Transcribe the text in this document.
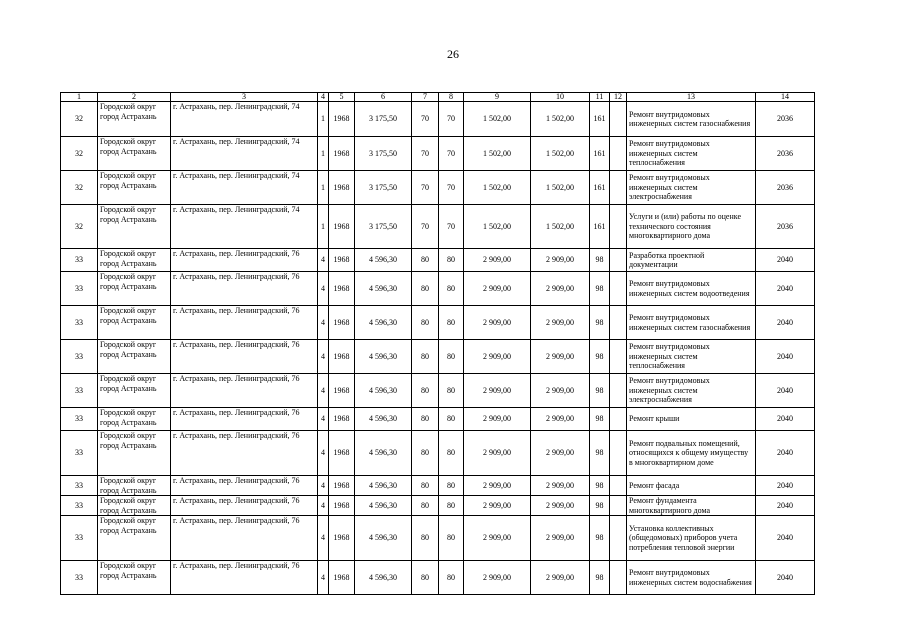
26
1	2	3	4	5	6	7	8	9	10	11	12	13	14
32	Городской округ город Астрахань	г. Астрахань, пер. Ленинградский, 74	1	1968	3 175,50	70	70	1 502,00	1 502,00	161		Ремонт внутридомовых инженерных систем газоснабжения	2036
32	Городской округ город Астрахань	г. Астрахань, пер. Ленинградский, 74	1	1968	3 175,50	70	70	1 502,00	1 502,00	161		Ремонт внутридомовых инженерных систем теплоснабжения	2036
32	Городской округ город Астрахань	г. Астрахань, пер. Ленинградский, 74	1	1968	3 175,50	70	70	1 502,00	1 502,00	161		Ремонт внутридомовых инженерных систем электроснабжения	2036
32	Городской округ город Астрахань	г. Астрахань, пер. Ленинградский, 74	1	1968	3 175,50	70	70	1 502,00	1 502,00	161		Услуги и (или) работы по оценке технического состояния многоквартирного дома	2036
33	Городской округ город Астрахань	г. Астрахань, пер. Ленинградский, 76	4	1968	4 596,30	80	80	2 909,00	2 909,00	98		Разработка проектной документации	2040
33	Городской округ город Астрахань	г. Астрахань, пер. Ленинградский, 76	4	1968	4 596,30	80	80	2 909,00	2 909,00	98		Ремонт внутридомовых инженерных систем водоотведения	2040
33	Городской округ город Астрахань	г. Астрахань, пер. Ленинградский, 76	4	1968	4 596,30	80	80	2 909,00	2 909,00	98		Ремонт внутридомовых инженерных систем газоснабжения	2040
33	Городской округ город Астрахань	г. Астрахань, пер. Ленинградский, 76	4	1968	4 596,30	80	80	2 909,00	2 909,00	98		Ремонт внутридомовых инженерных систем теплоснабжения	2040
33	Городской округ город Астрахань	г. Астрахань, пер. Ленинградский, 76	4	1968	4 596,30	80	80	2 909,00	2 909,00	98		Ремонт внутридомовых инженерных систем электроснабжения	2040
33	Городской округ город Астрахань	г. Астрахань, пер. Ленинградский, 76	4	1968	4 596,30	80	80	2 909,00	2 909,00	98		Ремонт крыши	2040
33	Городской округ город Астрахань	г. Астрахань, пер. Ленинградский, 76	4	1968	4 596,30	80	80	2 909,00	2 909,00	98		Ремонт подвальных помещений, относящихся к общему имуществу в многоквартирном доме	2040
33	Городской округ город Астрахань	г. Астрахань, пер. Ленинградский, 76	4	1968	4 596,30	80	80	2 909,00	2 909,00	98		Ремонт фасада	2040
33	Городской округ город Астрахань	г. Астрахань, пер. Ленинградский, 76	4	1968	4 596,30	80	80	2 909,00	2 909,00	98		Ремонт фундамента многоквартирного дома	2040
33	Городской округ город Астрахань	г. Астрахань, пер. Ленинградский, 76	4	1968	4 596,30	80	80	2 909,00	2 909,00	98		Установка коллективных (общедомовых) приборов учета потребления тепловой энергии	2040
33	Городской округ город Астрахань	г. Астрахань, пер. Ленинградский, 76	4	1968	4 596,30	80	80	2 909,00	2 909,00	98		Ремонт внутридомовых инженерных систем водоснабжения	2040
